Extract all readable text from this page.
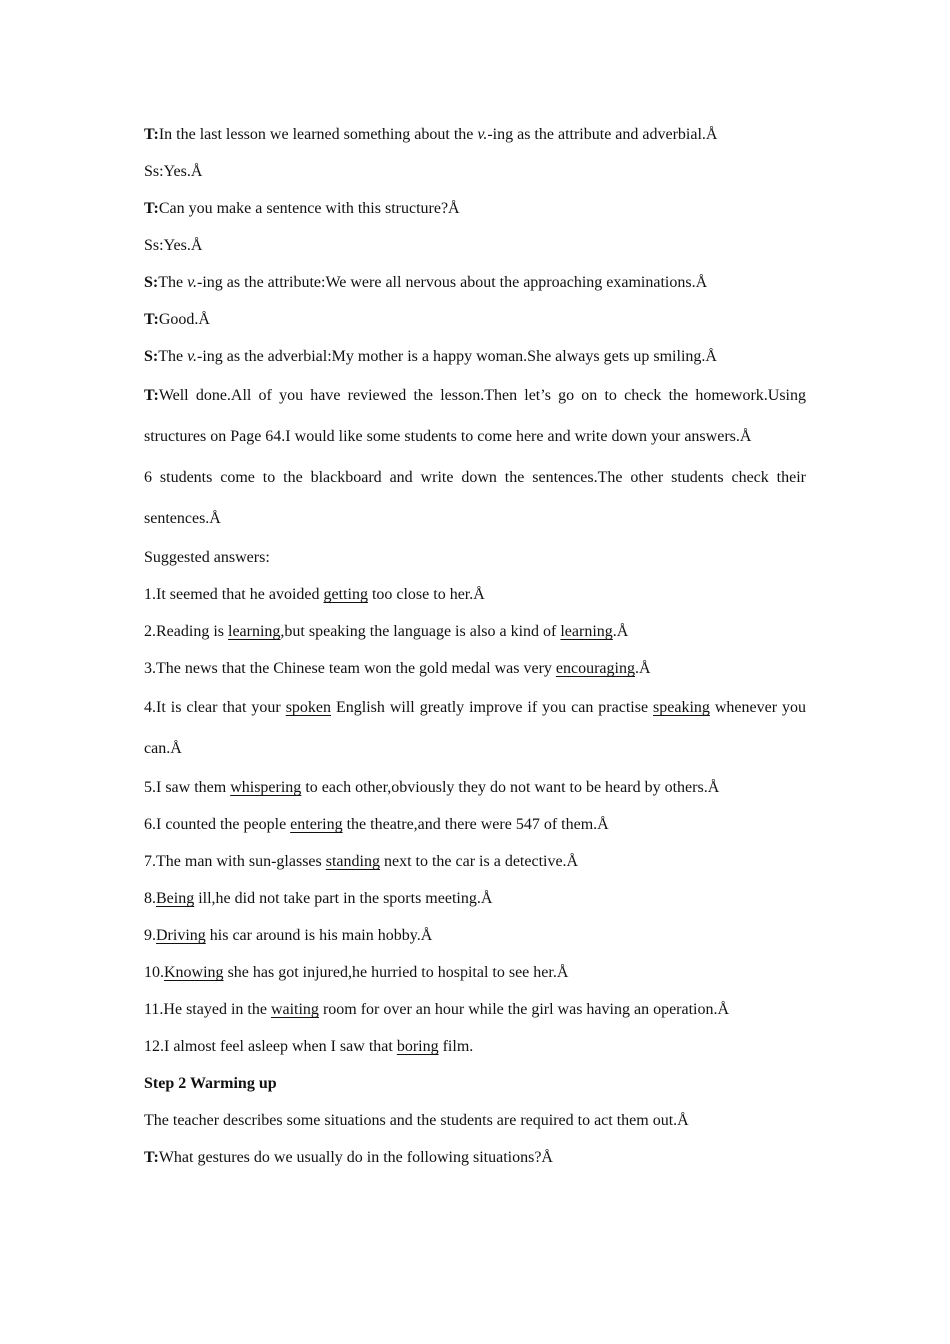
T:In the last lesson we learned something about the v.-ing as the attribute and adverbial.Å

Ss:Yes.Å

T:Can you make a sentence with this structure?Å

Ss:Yes.Å

S:The v.-ing as the attribute:We were all nervous about the approaching examinations.Å

T:Good.Å

S:The v.-ing as the adverbial:My mother is a happy woman.She always gets up smiling.Å

T:Well done.All of you have reviewed the lesson.Then let’s go on to check the homework.Using structures on Page 64.I would like some students to come here and write down your answers.Å

6 students come to the blackboard and write down the sentences.The other students check their sentences.Å

Suggested answers:

1.It seemed that he avoided getting too close to her.Å

2.Reading is learning,but speaking the language is also a kind of learning.Å

3.The news that the Chinese team won the gold medal was very encouraging.Å

4.It is clear that your spoken English will greatly improve if you can practise speaking whenever you can.Å

5.I saw them whispering to each other,obviously they do not want to be heard by others.Å

6.I counted the people entering the theatre,and there were 547 of them.Å

7.The man with sun-glasses standing next to the car is a detective.Å

8.Being ill,he did not take part in the sports meeting.Å

9.Driving his car around is his main hobby.Å

10.Knowing she has got injured,he hurried to hospital to see her.Å

11.He stayed in the waiting room for over an hour while the girl was having an operation.Å

12.I almost feel asleep when I saw that boring film.

Step 2 Warming up

The teacher describes some situations and the students are required to act them out.Å

T:What gestures do we usually do in the following situations?Å
